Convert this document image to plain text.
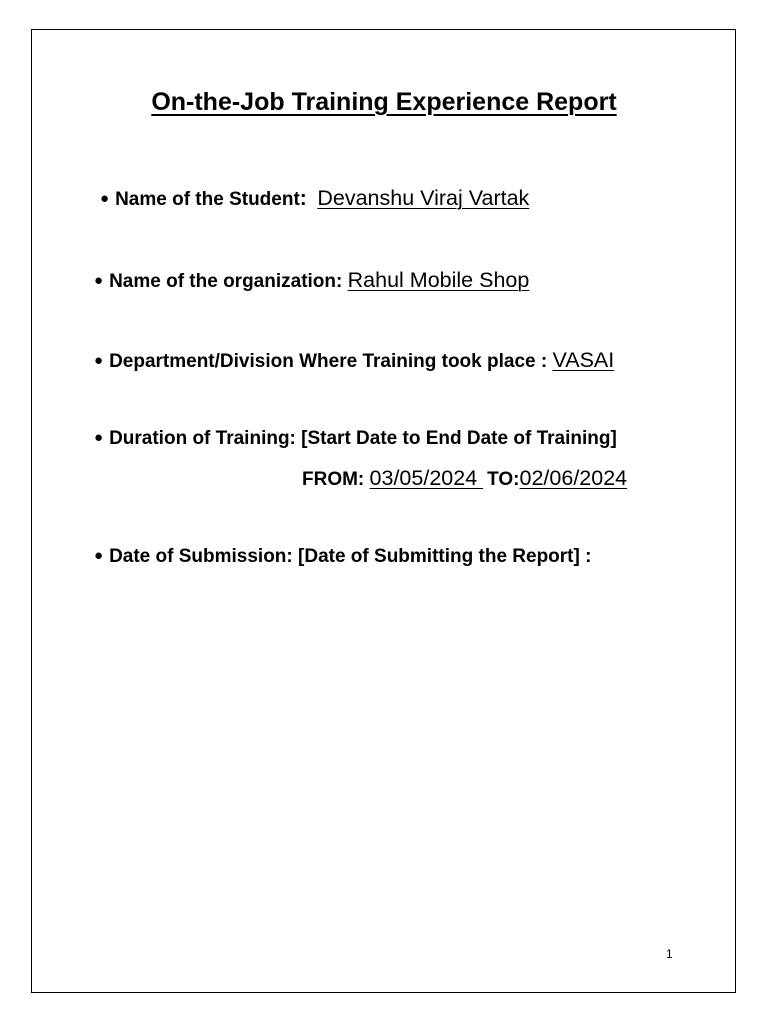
On-the-Job Training Experience Report
● Name of the Student: Devanshu Viraj Vartak
● Name of the organization: Rahul Mobile Shop
● Department/Division Where Training took place : VASAI
● Duration of Training: [Start Date to End Date of Training]
FROM: 03/05/2024 TO:02/06/2024
● Date of Submission: [Date of Submitting the Report] :
1
